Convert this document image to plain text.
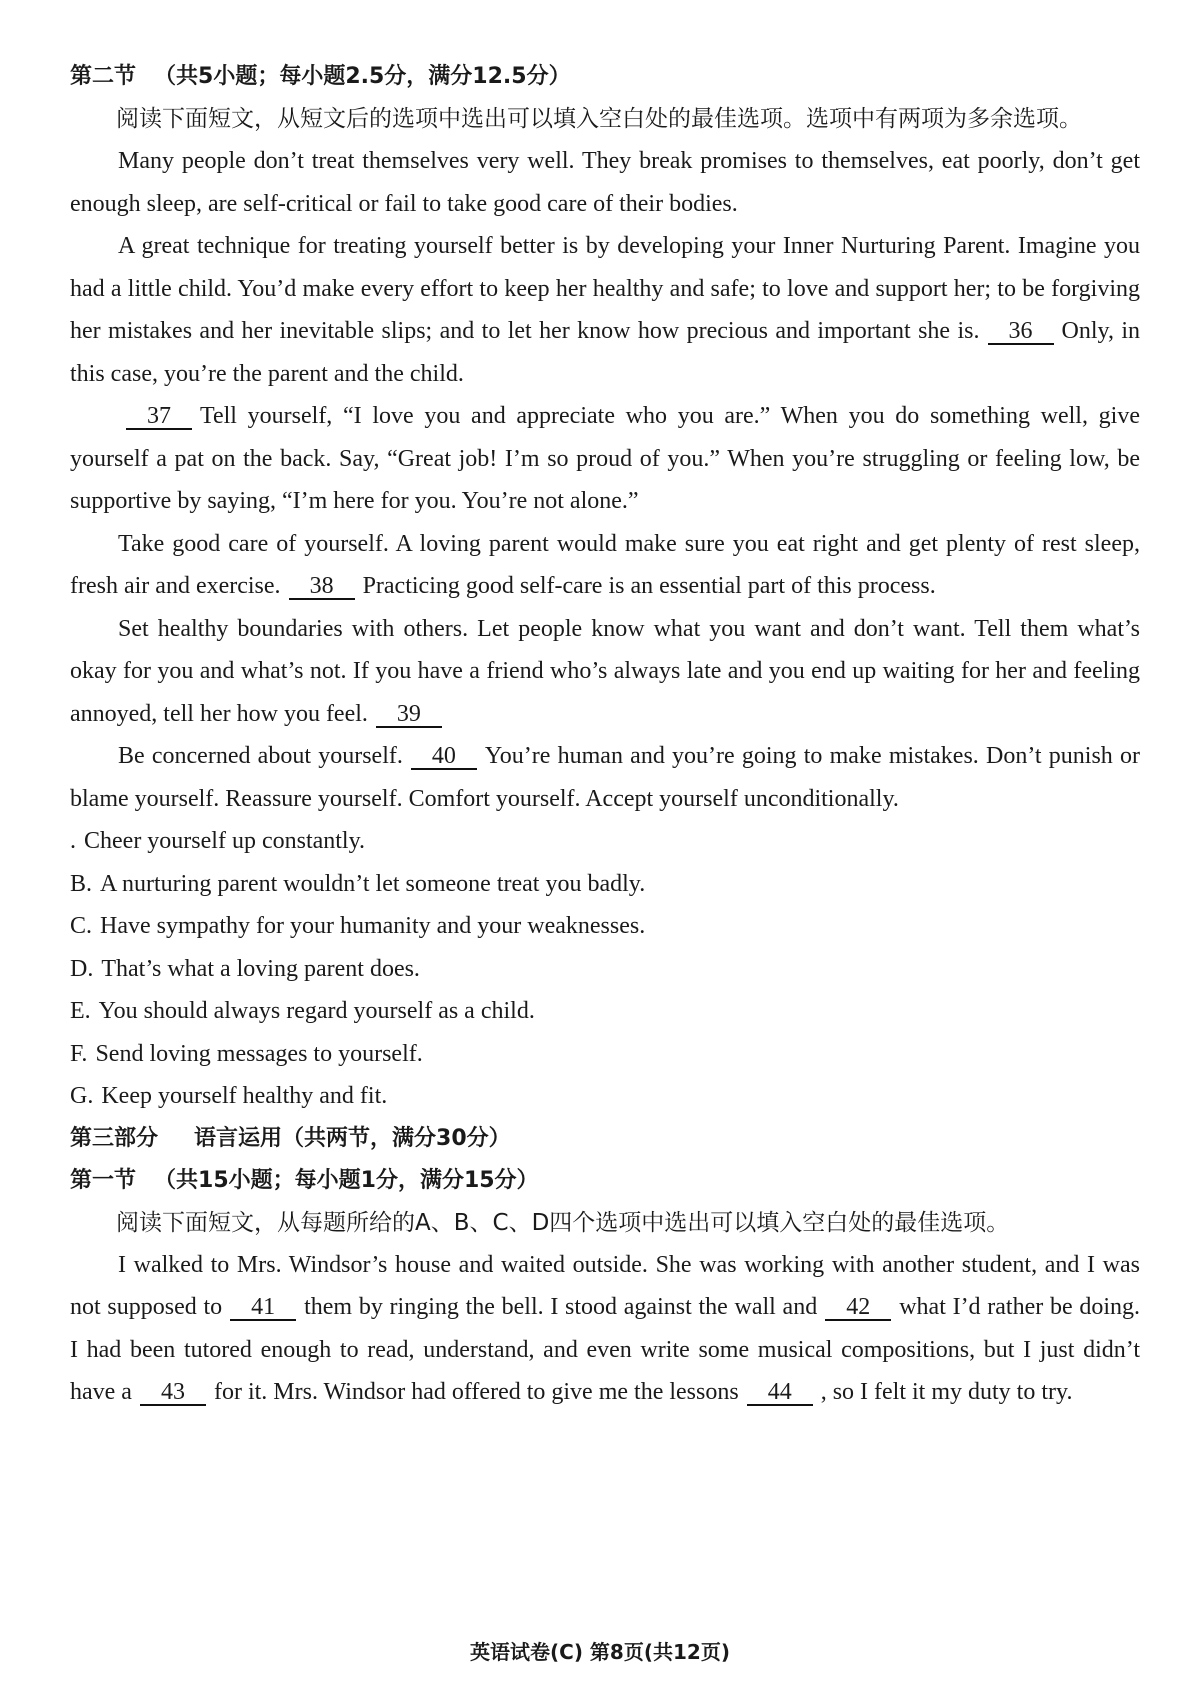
第二节 （共5小题；每小题2.5分，满分12.5分）

阅读下面短文，从短文后的选项中选出可以填入空白处的最佳选项。选项中有两项为多余选项。

Many people don’t treat themselves very well. They break promises to themselves, eat poorly, don’t get enough sleep, are self-critical or fail to take good care of their bodies.

A great technique for treating yourself better is by developing your Inner Nurturing Parent. Imagine you had a little child. You’d make every effort to keep her healthy and safe; to love and support her; to be forgiving her mistakes and her inevitable slips; and to let her know how precious and important she is. 36 Only, in this case, you’re the parent and the child.

37 Tell yourself, “I love you and appreciate who you are.” When you do something well, give yourself a pat on the back. Say, “Great job! I’m so proud of you.” When you’re struggling or feeling low, be supportive by saying, “I’m here for you. You’re not alone.”

Take good care of yourself. A loving parent would make sure you eat right and get plenty of rest sleep, fresh air and exercise. 38 Practicing good self-care is an essential part of this process.

Set healthy boundaries with others. Let people know what you want and don’t want. Tell them what’s okay for you and what’s not. If you have a friend who’s always late and you end up waiting for her and feeling annoyed, tell her how you feel. 39

Be concerned about yourself. 40 You’re human and you’re going to make mistakes. Don’t punish or blame yourself. Reassure yourself. Comfort yourself. Accept yourself unconditionally.

. Cheer yourself up constantly.
B. A nurturing parent wouldn’t let someone treat you badly.
C. Have sympathy for your humanity and your weaknesses.
D. That’s what a loving parent does.
E. You should always regard yourself as a child.
F. Send loving messages to yourself.
G. Keep yourself healthy and fit.

第三部分 语言运用（共两节，满分30分）

第一节 （共15小题；每小题1分，满分15分）

阅读下面短文，从每题所给的A、B、C、D四个选项中选出可以填入空白处的最佳选项。

I walked to Mrs. Windsor’s house and waited outside. She was working with another student, and I was not supposed to 41 them by ringing the bell. I stood against the wall and 42 what I’d rather be doing. I had been tutored enough to read, understand, and even write some musical compositions, but I just didn’t have a 43 for it. Mrs. Windsor had offered to give me the lessons 44 , so I felt it my duty to try.

英语试卷(C) 第8页(共12页)
